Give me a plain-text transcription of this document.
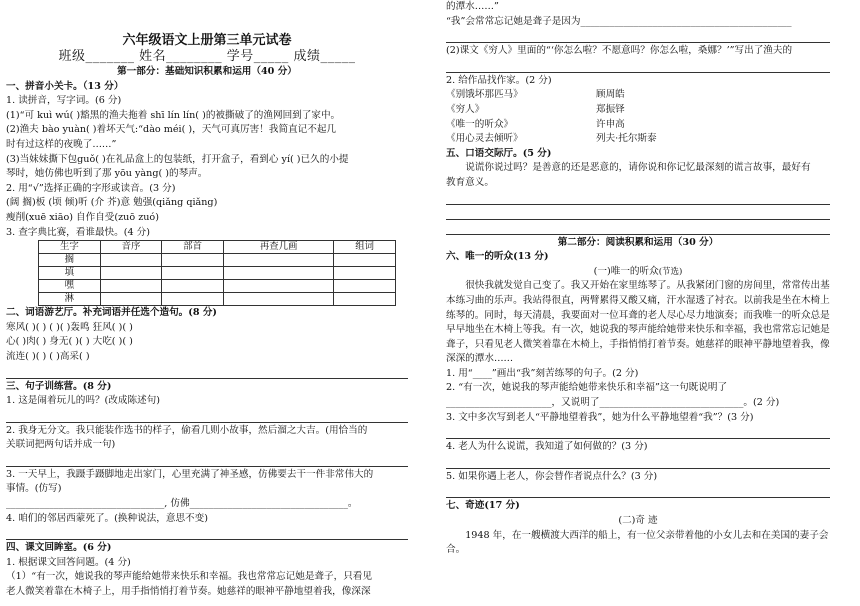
六年级语文上册第三单元试卷
班级_______ 姓名________ 学号_____ 成绩_____
第一部分：基础知识积累和运用（40 分）
一、拼音小关卡。（13 分）
1. 读拼音，写字词。(6 分)
(1)“可 kuì wú( )豁黑的渔夫拖着 shī lín lín( )的被撕破了的渔网回到了家中。
(2)渔夫 bào yuàn( )着坏天气:“dào méi( )，天气可真厉害！我简直记不起几
时有过这样的夜晚了……”
(3)当妹妹撕下包guǒ( )在礼品盒上的包装纸，打开盒子，看到心 yí( )已久的小提
琴时，她仿佛也听到了那 yōu yàng( )的琴声。
2. 用“√”选择正确的字形或读音。(3 分)
(阔 搁)板 (顷 倾)听 (介 芥)意 勉强(qiǎng qiǎng)
瘦削(xuē xiāo) 自作自受(zuō zuó)
3. 查字典比赛，看谁最快。(4 分)
生字	音序	部首	再查几画	组词
搁				
填				
嘿				
淋				
二、词语游艺厅。补充词语并任选个造句。(8 分)
寒风( )( ) ( )( )轰鸣 狂风( )( )
心( )肉( ) 身无( )( ) 大吃( )( )
流连( )( ) ( )高采( )
三、句子训练营。(8 分)
1. 这是闹着玩儿的吗？(改成陈述句)
2. 我身无分文。我只能装作选书的样子，偷看几则小故事，然后溜之大吉。(用恰当的
关联词把两句话并成一句)
3. 一天早上，我蹑手蹑脚地走出家门，心里充满了神圣感，仿佛要去干一件非常伟大的
事情。(仿写)
_________________________________, 仿佛_________________________________。
4. 咱们的邻居西蒙死了。(换种说法，意思不变)
四、课文回眸室。(6 分)
1. 根据课文回答问题。(4 分)
（1）“有一次，她说我的琴声能给她带来快乐和幸福。我也常常忘记她是聋子，只看见
老人微笑着靠在木椅子上，用手指悄悄打着节奏。她慈祥的眼神平静地望着我，像深深
的潭水……”
“我”会常常忘记她是聋子是因为____________________________________________
(2)课文《穷人》里面的“‘你怎么啦？不愿意吗？你怎么啦，桑娜？’”写出了渔夫的
2. 给作品找作家。(2 分)
《别饿坏那匹马》	顾周皓
《穷人》	郑振铎
《唯一的听众》	许申高
《用心灵去倾听》	列夫·托尔斯泰
五、口语交际厅。(5 分)
说谎你说过吗？是善意的还是恶意的，请你说和你记忆最深刻的谎言故事，最好有
教育意义。
第二部分：阅读积累和运用（30 分）
六、唯一的听众(13 分)
(一)唯一的听众(节选)
很快我就发觉自己变了。我又开始在家里练琴了。从我紧闭门窗的房间里，常常传出基本练习曲的乐声。我站得很直，两臂累得又酸又痛，汗水湿透了衬衣。以前我是坐在木椅上练琴的。同时，每天清晨，我要面对一位耳聋的老人尽心尽力地演奏；而我唯一的听众总是早早地坐在木椅上等我。有一次，她说我的琴声能给她带来快乐和幸福，我也常常忘记她是聋子，只看见老人微笑着靠在木椅上，手指悄悄打着节奏。她慈祥的眼神平静地望着我，像深深的潭水……
1. 用“____”画出“我”刻苦练琴的句子。(2 分)
2. “有一次，她说我的琴声能给她带来快乐和幸福”这一句既说明了
______________________，又说明了______________________________。(2 分)
3. 文中多次写到老人“平静地望着我”，她为什么平静地望着“我”？(3 分)
4. 老人为什么说谎，我知道了如何做的？(3 分)
5. 如果你遇上老人，你会替作者说点什么？(3 分)
七、奇迹(17 分)
(二)奇 迹
1948 年，在一艘横渡大西洋的船上，有一位父亲带着他的小女儿去和在美国的妻子会合。
